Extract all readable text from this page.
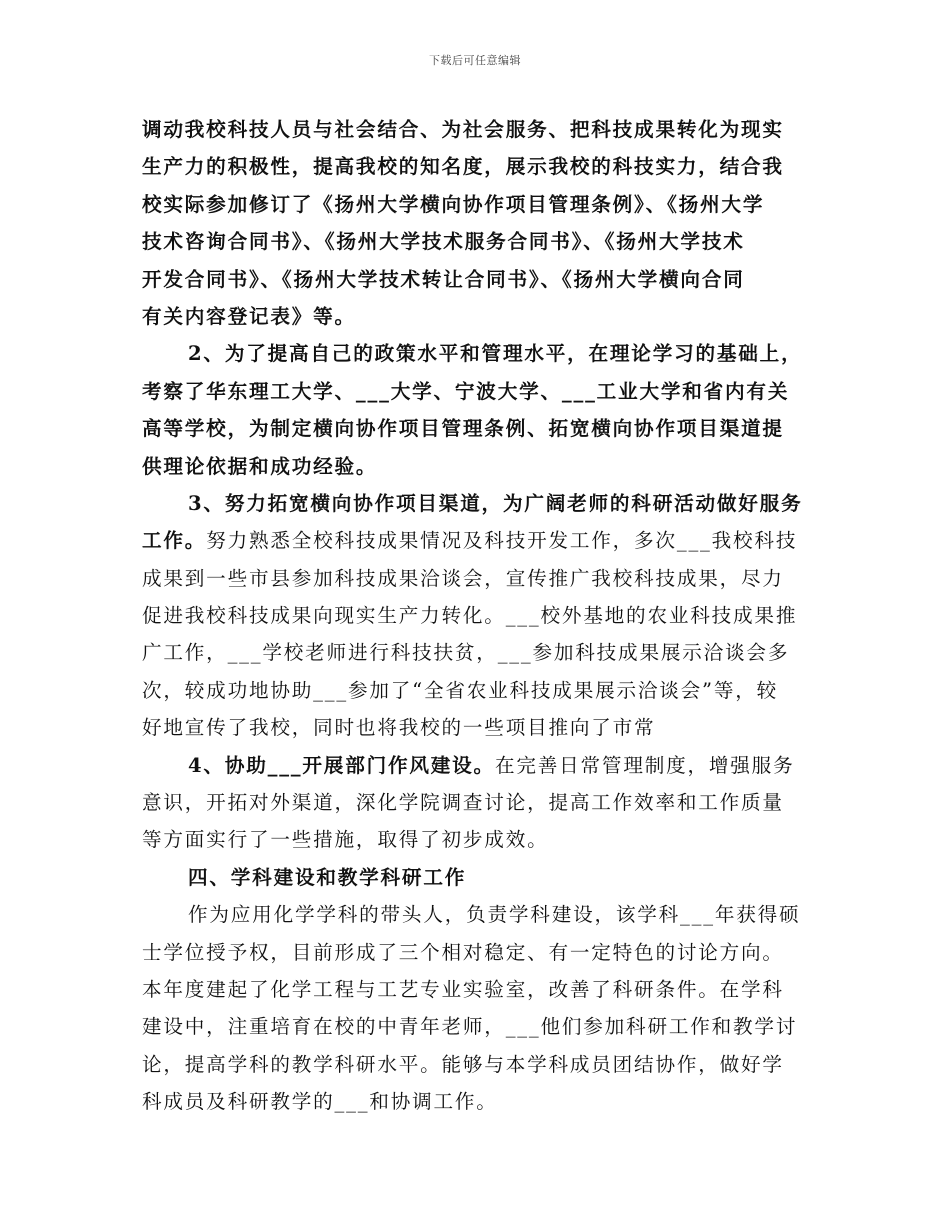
下载后可任意编辑
调动我校科技人员与社会结合、为社会服务、把科技成果转化为现实
生产力的积极性，提高我校的知名度，展示我校的科技实力，结合我
校实际参加修订了《扬州大学横向协作项目管理条例》、《扬州大学
技术咨询合同书》、《扬州大学技术服务合同书》、《扬州大学技术
开发合同书》、《扬州大学技术转让合同书》、《扬州大学横向合同
有关内容登记表》等。
2、为了提高自己的政策水平和管理水平，在理论学习的基础上，
考察了华东理工大学、___大学、宁波大学、___工业大学和省内有关
高等学校，为制定横向协作项目管理条例、拓宽横向协作项目渠道提
供理论依据和成功经验。
3、努力拓宽横向协作项目渠道，为广阔老师的科研活动做好服务
工作。努力熟悉全校科技成果情况及科技开发工作，多次___我校科技
成果到一些市县参加科技成果洽谈会，宣传推广我校科技成果，尽力
促进我校科技成果向现实生产力转化。___校外基地的农业科技成果推
广工作，___学校老师进行科技扶贫，___参加科技成果展示洽谈会多
次，较成功地协助___参加了“全省农业科技成果展示洽谈会”等，较
好地宣传了我校，同时也将我校的一些项目推向了市常
4、协助___开展部门作风建设。在完善日常管理制度，增强服务
意识，开拓对外渠道，深化学院调查讨论，提高工作效率和工作质量
等方面实行了一些措施，取得了初步成效。
四、学科建设和教学科研工作
作为应用化学学科的带头人，负责学科建设，该学科___年获得硕
士学位授予权，目前形成了三个相对稳定、有一定特色的讨论方向。
本年度建起了化学工程与工艺专业实验室，改善了科研条件。在学科
建设中，注重培育在校的中青年老师，___他们参加科研工作和教学讨
论，提高学科的教学科研水平。能够与本学科成员团结协作，做好学
科成员及科研教学的___和协调工作。
